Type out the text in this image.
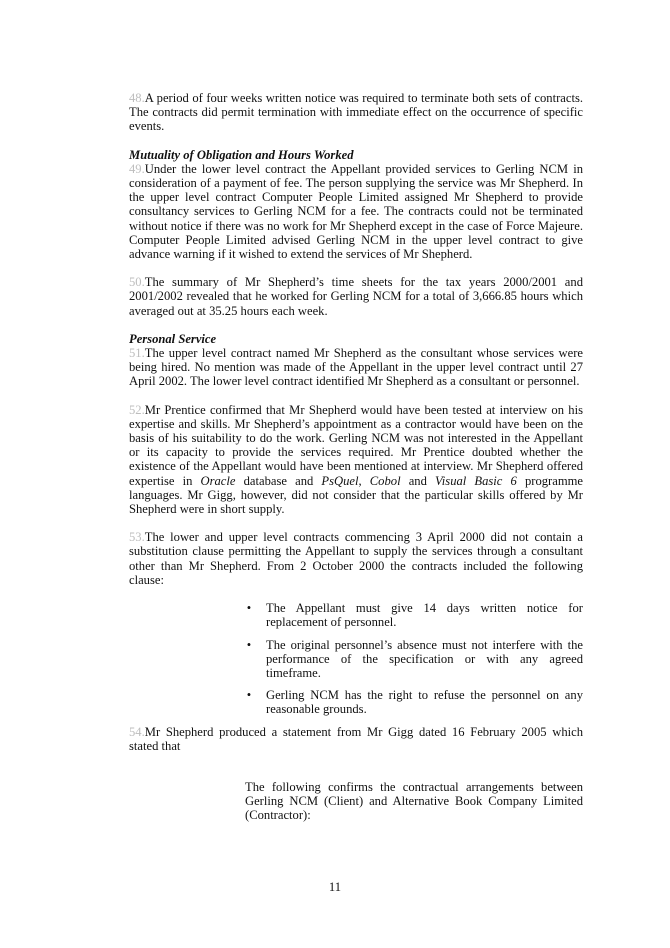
48.A period of four weeks written notice was required to terminate both sets of contracts. The contracts did permit termination with immediate effect on the occurrence of specific events.

Mutuality of Obligation and Hours Worked

49.Under the lower level contract the Appellant provided services to Gerling NCM in consideration of a payment of fee. The person supplying the service was Mr Shepherd. In the upper level contract Computer People Limited assigned Mr Shepherd to provide consultancy services to Gerling NCM for a fee. The contracts could not be terminated without notice if there was no work for Mr Shepherd except in the case of Force Majeure. Computer People Limited advised Gerling NCM in the upper level contract to give advance warning if it wished to extend the services of Mr Shepherd.

50.The summary of Mr Shepherd’s time sheets for the tax years 2000/2001 and 2001/2002 revealed that he worked for Gerling NCM for a total of 3,666.85 hours which averaged out at 35.25 hours each week.

Personal Service

51.The upper level contract named Mr Shepherd as the consultant whose services were being hired. No mention was made of the Appellant in the upper level contract until 27 April 2002. The lower level contract identified Mr Shepherd as a consultant or personnel.

52.Mr Prentice confirmed that Mr Shepherd would have been tested at interview on his expertise and skills. Mr Shepherd’s appointment as a contractor would have been on the basis of his suitability to do the work. Gerling NCM was not interested in the Appellant or its capacity to provide the services required. Mr Prentice doubted whether the existence of the Appellant would have been mentioned at interview. Mr Shepherd offered expertise in Oracle database and PsQuel, Cobol and Visual Basic 6 programme languages. Mr Gigg, however, did not consider that the particular skills offered by Mr Shepherd were in short supply.

53.The lower and upper level contracts commencing 3 April 2000 did not contain a substitution clause permitting the Appellant to supply the services through a consultant other than Mr Shepherd. From 2 October 2000 the contracts included the following clause:

•	The Appellant must give 14 days written notice for replacement of personnel.
•	The original personnel’s absence must not interfere with the performance of the specification or with any agreed timeframe.
•	Gerling NCM has the right to refuse the personnel on any reasonable grounds.

54.Mr Shepherd produced a statement from Mr Gigg dated 16 February 2005 which stated that

The following confirms the contractual arrangements between Gerling NCM (Client) and Alternative Book Company Limited (Contractor):

11
